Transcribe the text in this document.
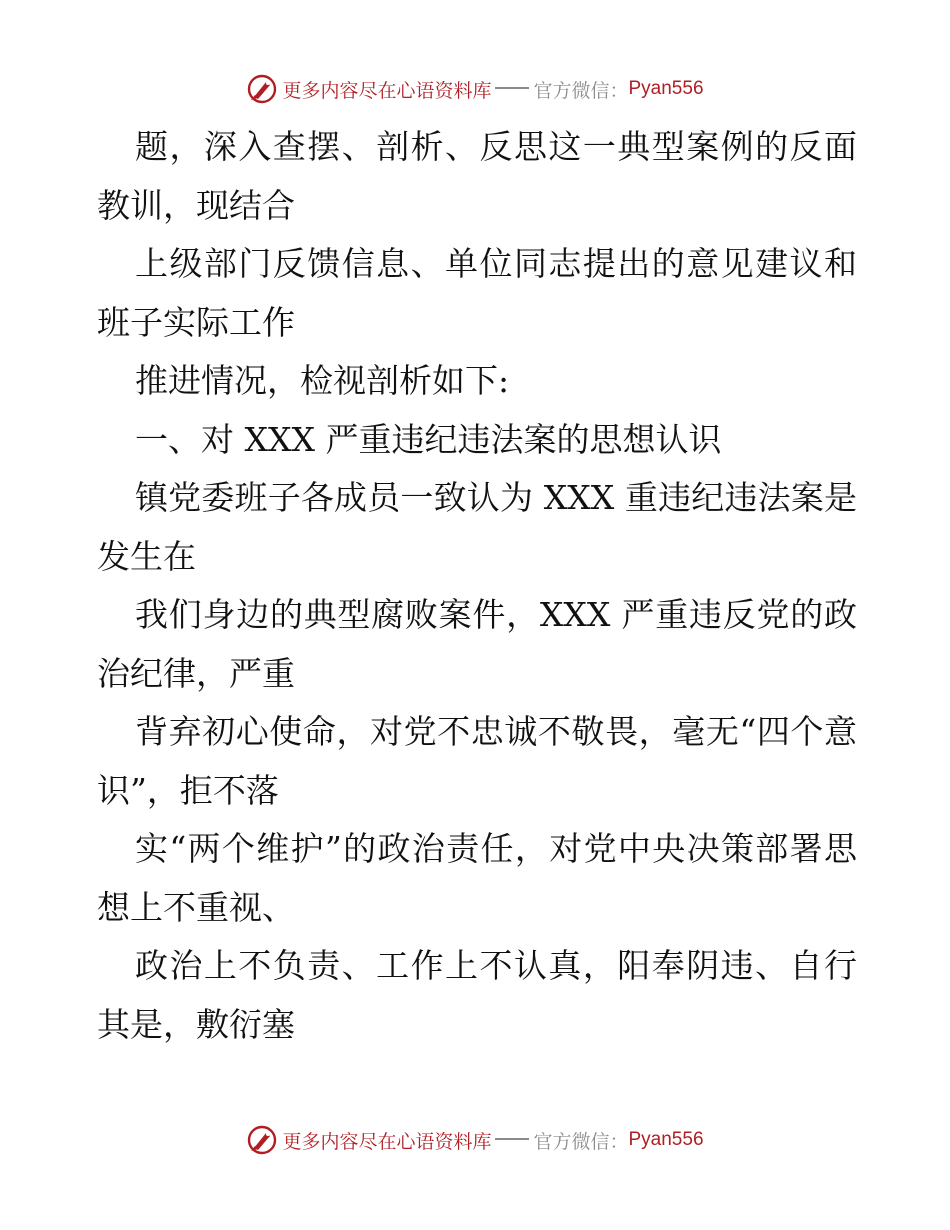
更多内容尽在心语资料库 官方微信： Pyan556

题，深入查摆、剖析、反思这一典型案例的反面教训，现结合

上级部门反馈信息、单位同志提出的意见建议和班子实际工作

推进情况，检视剖析如下:

一、对 XXX 严重违纪违法案的思想认识

镇党委班子各成员一致认为 XXX 重违纪违法案是发生在

我们身边的典型腐败案件，XXX 严重违反党的政治纪律，严重

背弃初心使命，对党不忠诚不敬畏，毫无“四个意识”，拒不落

实“两个维护”的政治责任，对党中央决策部署思想上不重视、

政治上不负责、工作上不认真，阳奉阴违、自行其是，敷衍塞

更多内容尽在心语资料库 官方微信： Pyan556
